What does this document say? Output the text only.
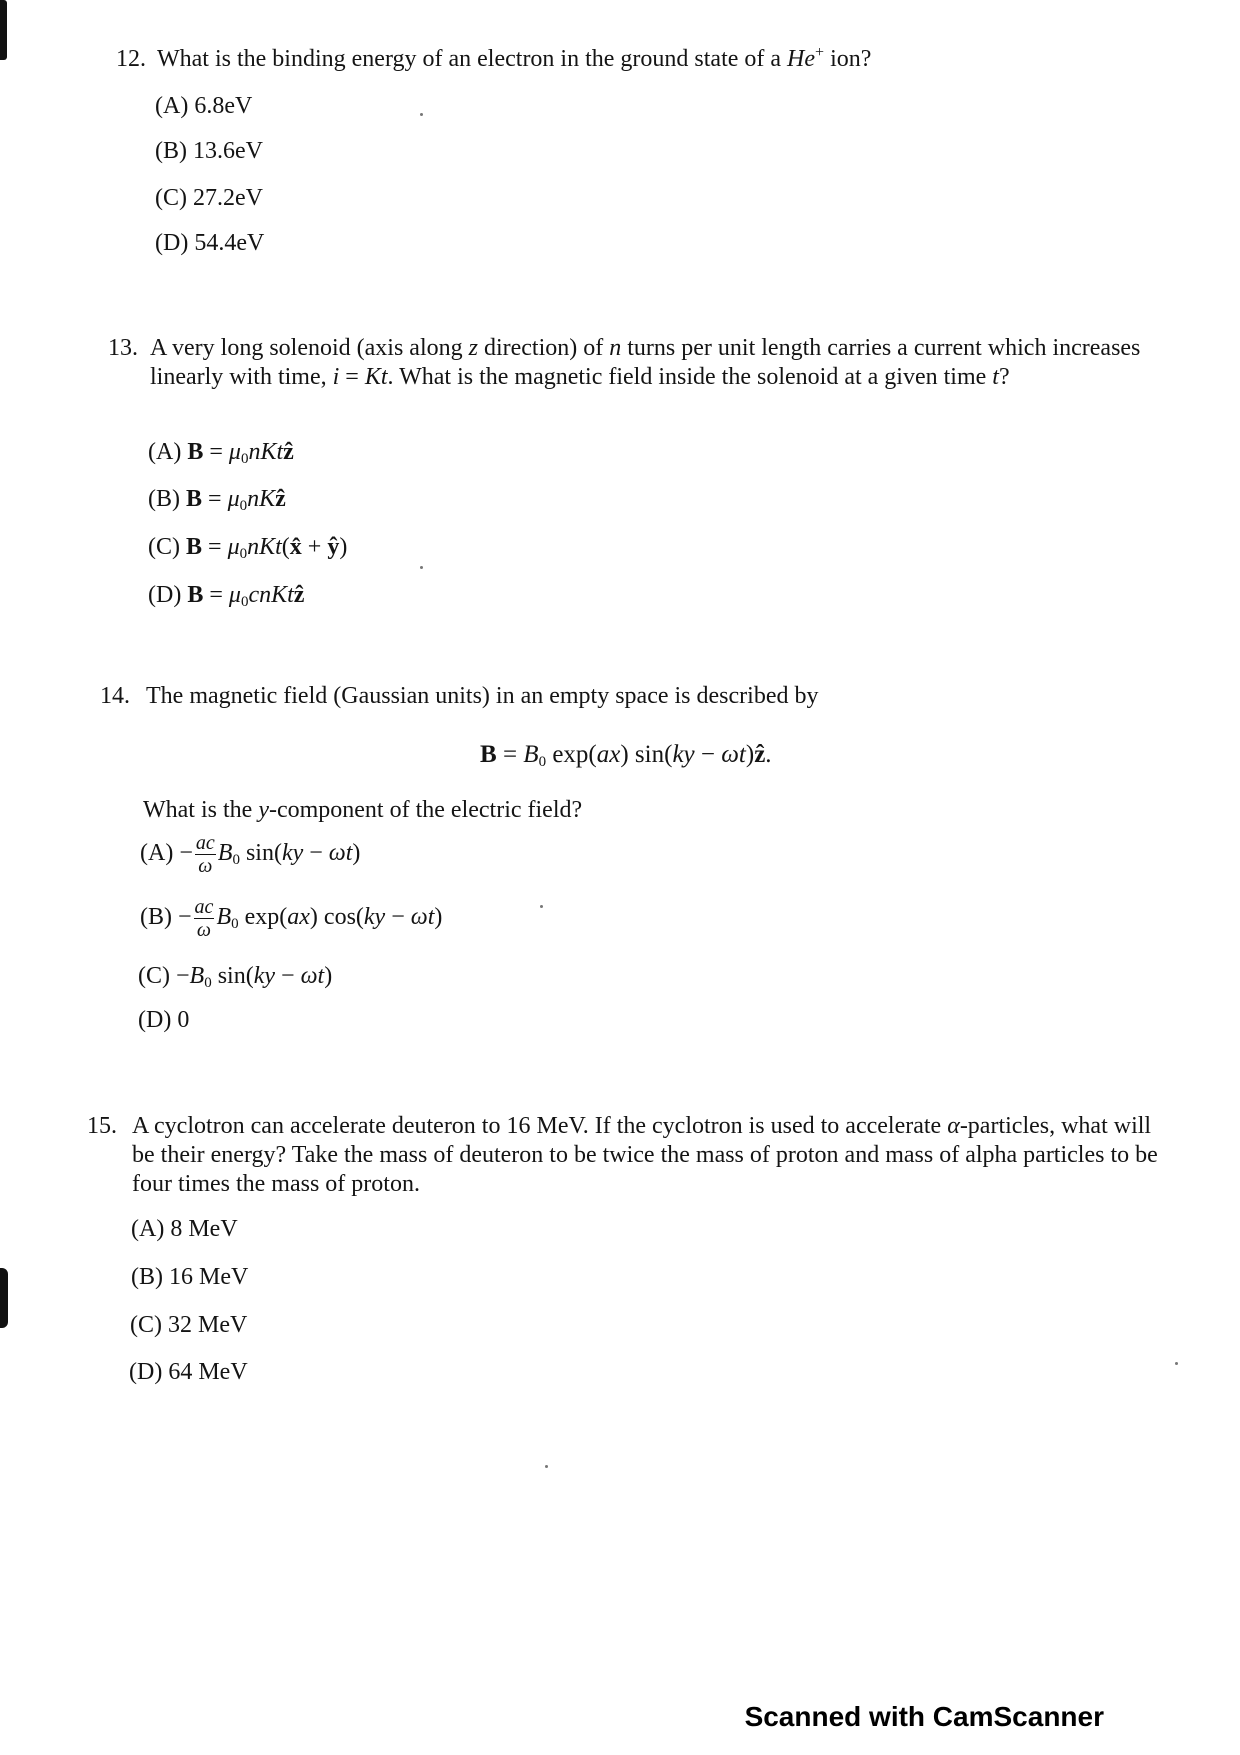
12. What is the binding energy of an electron in the ground state of a He+ ion?
(A) 6.8eV
(B) 13.6eV
(C) 27.2eV
(D) 54.4eV
13. A very long solenoid (axis along z direction) of n turns per unit length carries a current which increases linearly with time, i = Kt. What is the magnetic field inside the solenoid at a given time t?
(A) $B = \mu_0nKtẑ$
(B) $B = \mu_0nKẑ$
(C) $B = \mu_0nKt(x̂$ + ŷ)
(D) $B = \mu_0cnKtẑ$
14. The magnetic field (Gaussian units) in an empty space is described by
$B = B_0$ exp(ax) sin(ky − ωt)ẑ.
What is the y-component of the electric field?
$(A) - \frac{ac}{\omega} B_0$ sin(ky − ωt)
$(B) - \frac{ac}{\omega} B_0$ exp(ax) cos(ky − ωt)
$(C) -B_0$ sin(ky − ωt)
(D) 0
15. A cyclotron can accelerate deuteron to 16 MeV. If the cyclotron is used to accelerate α-particles, what will be their energy? Take the mass of deuteron to be twice the mass of proton and mass of alpha particles to be four times the mass of proton.
(A) 8 MeV
(B) 16 MeV
(C) 32 MeV
(D) 64 MeV
Scanned with CamScanner
